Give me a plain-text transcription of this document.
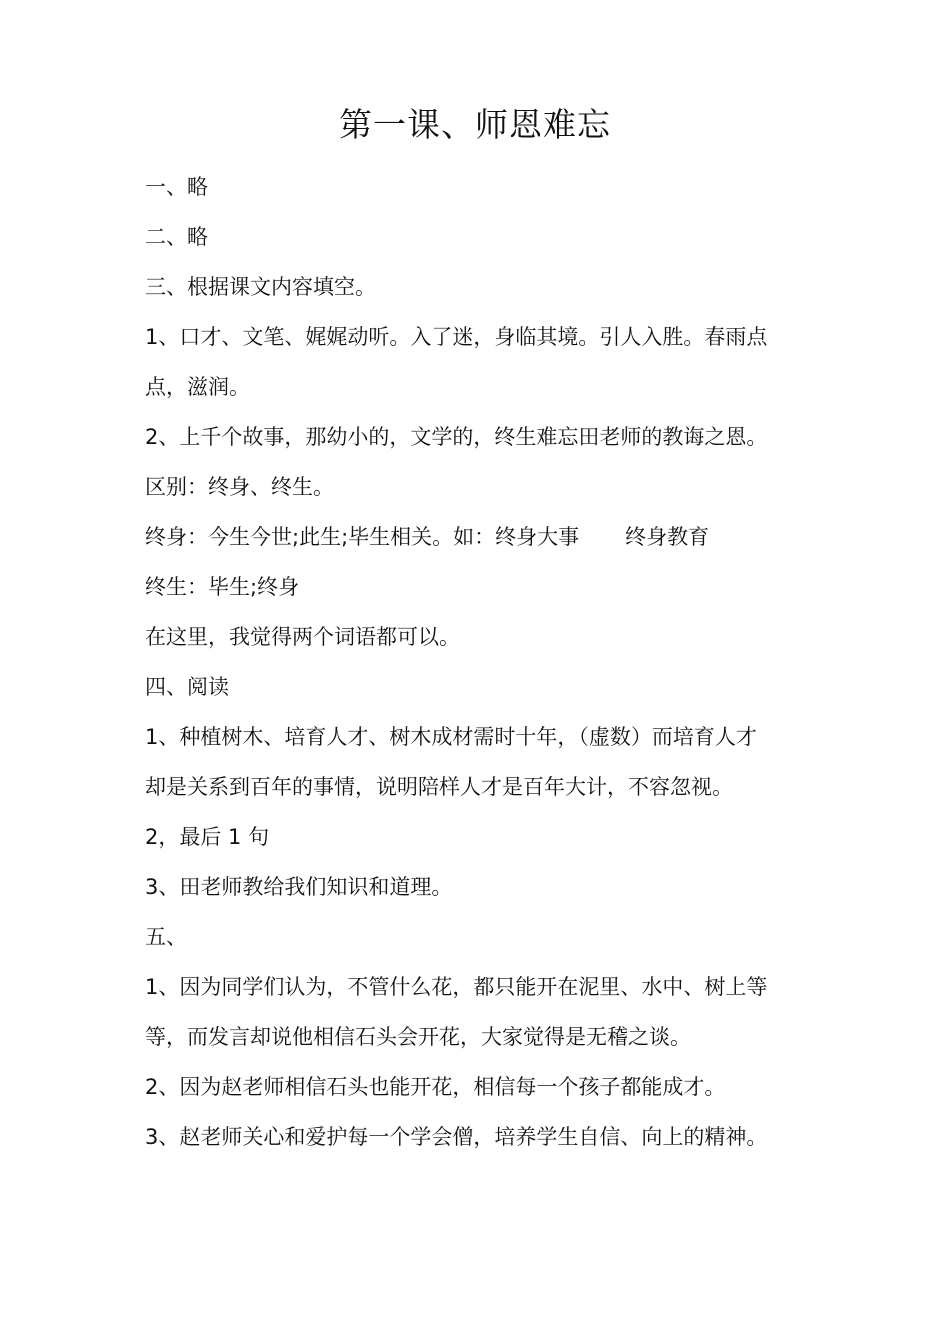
第一课、师恩难忘
一、略
二、略
三、根据课文内容填空。
1、口才、文笔、娓娓动听。入了迷，身临其境。引人入胜。春雨点
点，滋润。
2、上千个故事，那幼小的，文学的，终生难忘田老师的教诲之恩。
区别：终身、终生。
终身：今生今世;此生;毕生相关。如：终身大事 终身教育
终生：毕生;终身
在这里，我觉得两个词语都可以。
四、阅读
1、种植树木、培育人才、树木成材需时十年，（虚数）而培育人才
却是关系到百年的事情，说明陪样人才是百年大计，不容忽视。
2，最后 1 句
3、田老师教给我们知识和道理。
五、
1、因为同学们认为，不管什么花，都只能开在泥里、水中、树上等
等，而发言却说他相信石头会开花，大家觉得是无稽之谈。
2、因为赵老师相信石头也能开花，相信每一个孩子都能成才。
3、赵老师关心和爱护每一个学会僧，培养学生自信、向上的精神。
